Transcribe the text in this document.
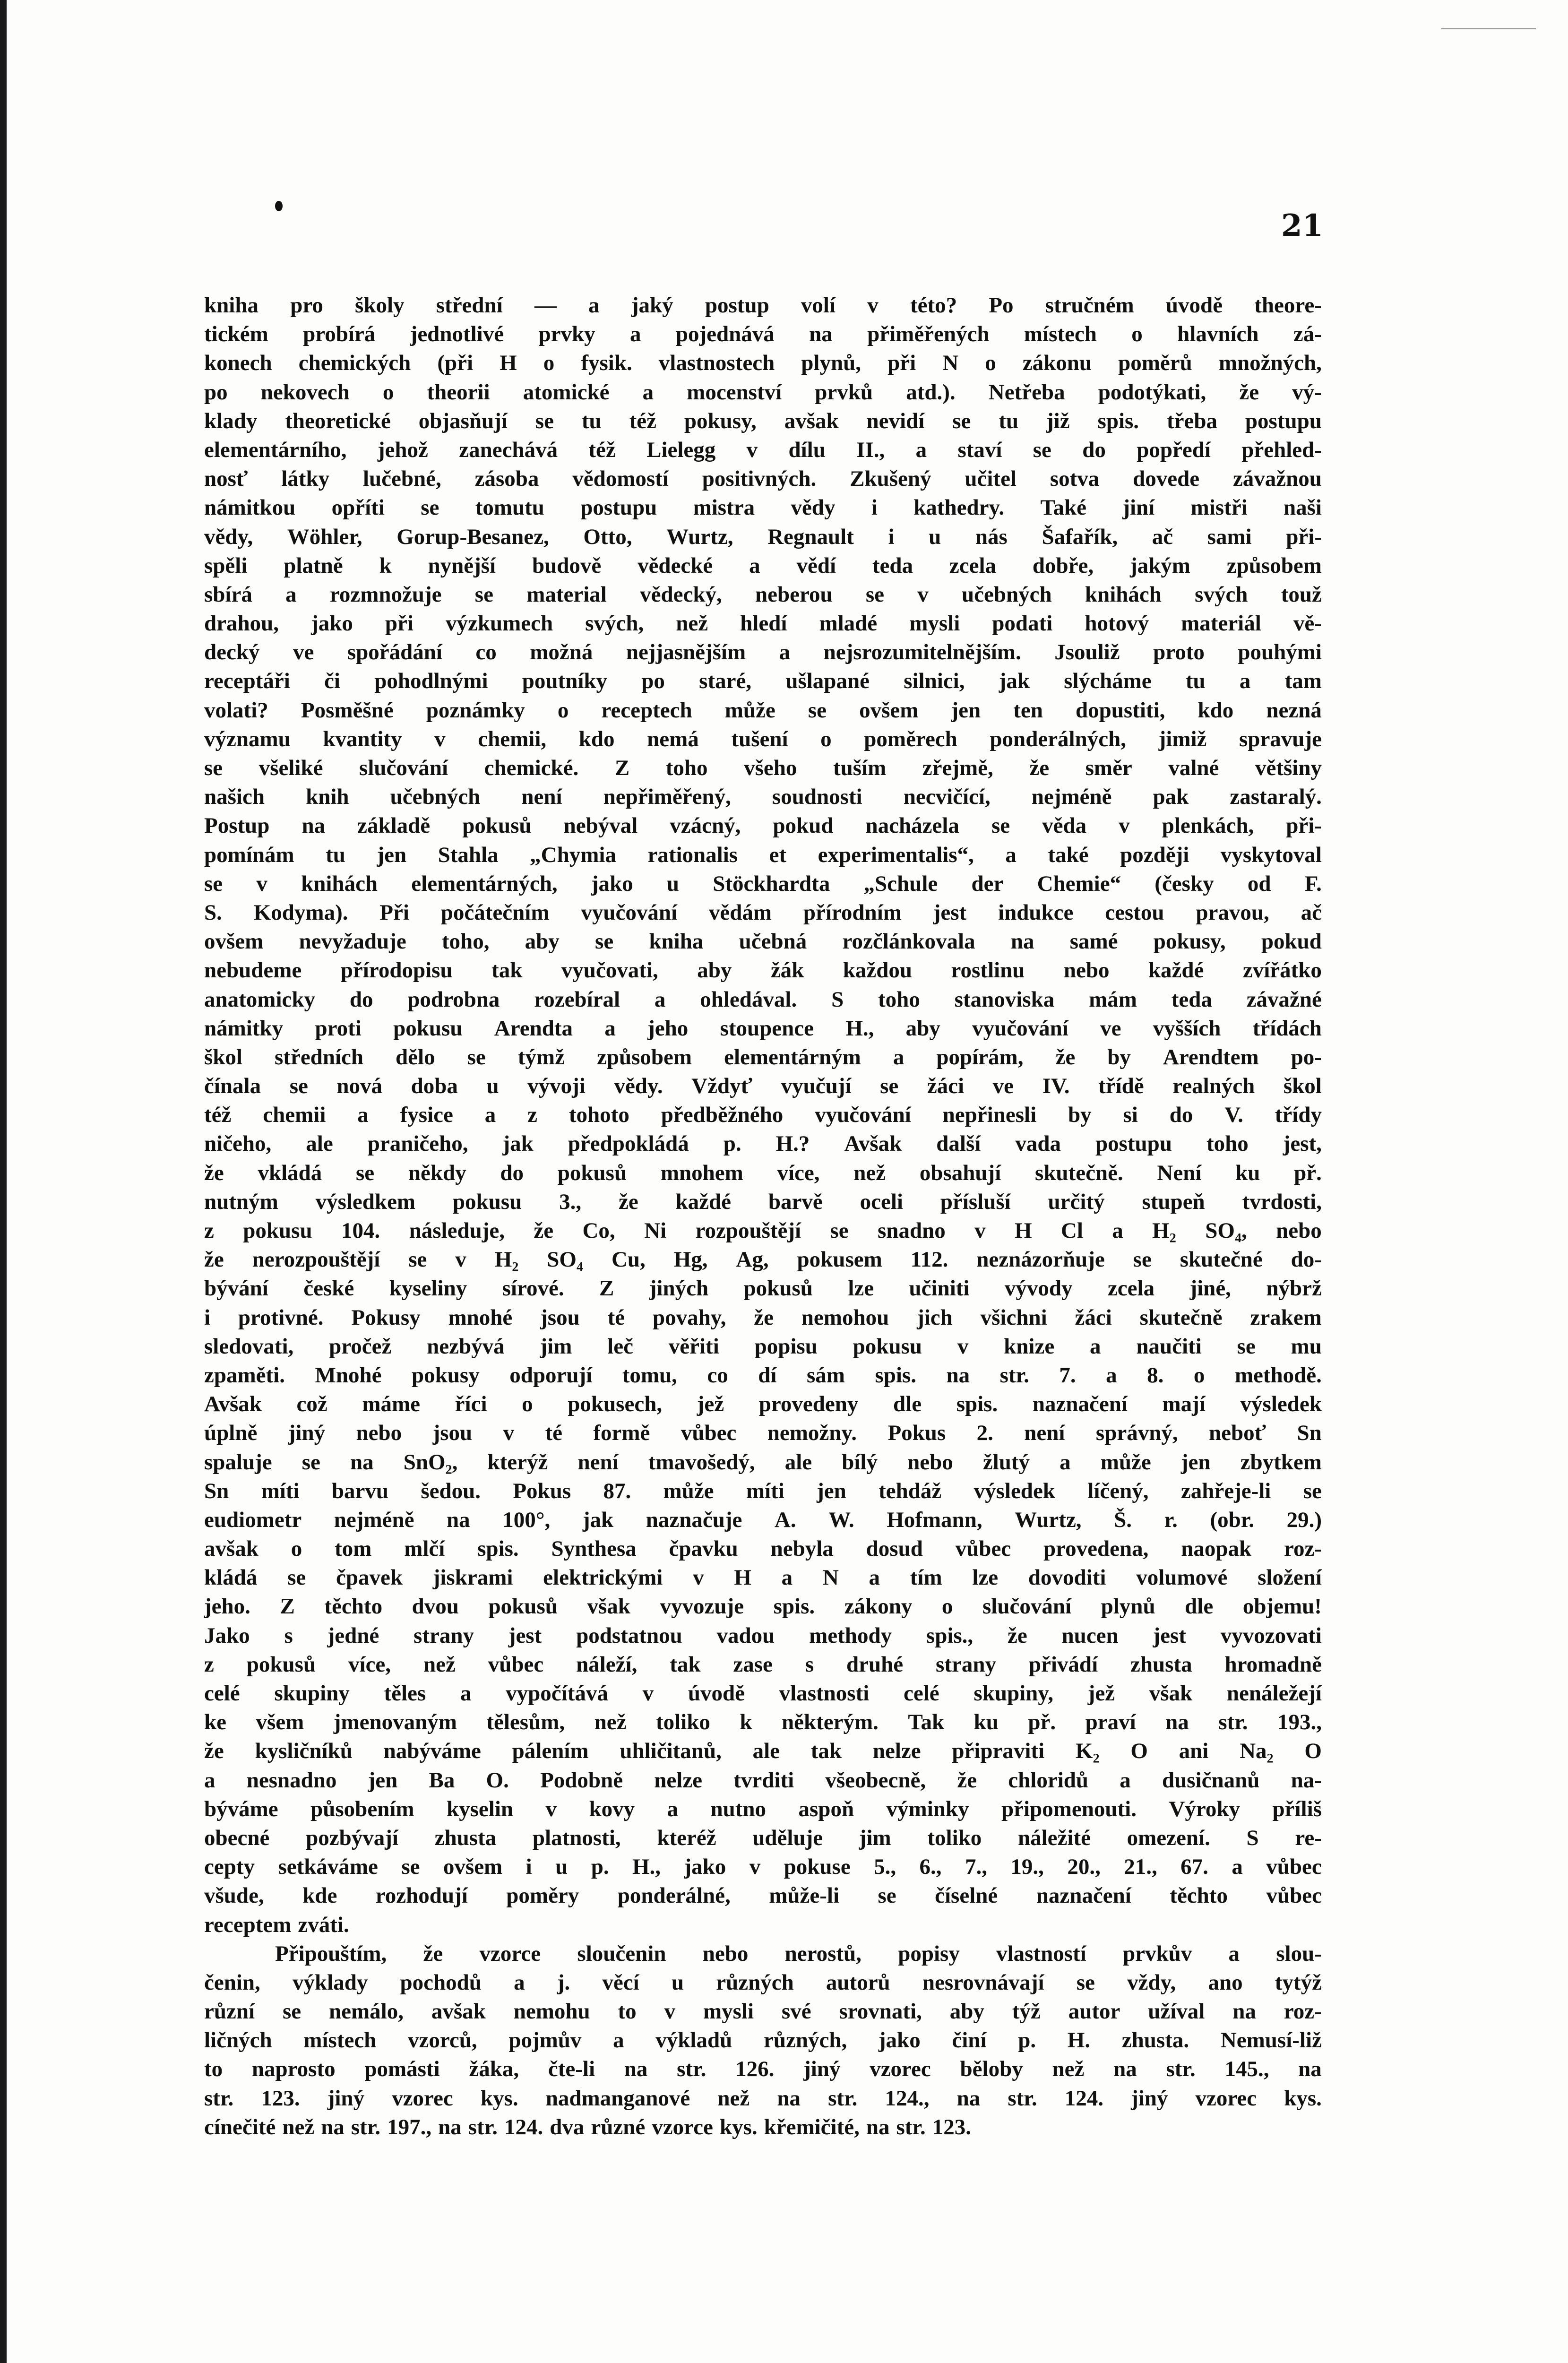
21
kniha pro školy střední — a jaký postup volí v této? Po stručném úvodě theore-
tickém probírá jednotlivé prvky a pojednává na přiměřených místech o hlavních zá-
konech chemických (při H o fysik. vlastnostech plynů, při N o zákonu poměrů množných,
po nekovech o theorii atomické a mocenství prvků atd.). Netřeba podotýkati, že vý-
klady theoretické objasňují se tu též pokusy, avšak nevidí se tu již spis. třeba postupu
elementárního, jehož zanechává též Lielegg v dílu II., a staví se do popředí přehled-
nosť látky lučebné, zásoba vědomostí positivných. Zkušený učitel sotva dovede závažnou
námitkou opříti se tomutu postupu mistra vědy i kathedry. Také jiní mistři naši
vědy, Wöhler, Gorup-Besanez, Otto, Wurtz, Regnault i u nás Šafařík, ač sami při-
spěli platně k nynější budově vědecké a vědí teda zcela dobře, jakým způsobem
sbírá a rozmnožuje se material vědecký, neberou se v učebných knihách svých touž
drahou, jako při výzkumech svých, než hledí mladé mysli podati hotový materiál vě-
decký ve spořádání co možná nejjasnějším a nejsrozumitelnějším. Jsouliž proto pouhými
receptáři či pohodlnými poutníky po staré, ušlapané silnici, jak slýcháme tu a tam
volati? Posměšné poznámky o receptech může se ovšem jen ten dopustiti, kdo nezná
významu kvantity v chemii, kdo nemá tušení o poměrech ponderálných, jimiž spravuje
se všeliké slučování chemické. Z toho všeho tuším zřejmě, že směr valné většiny
našich knih učebných není nepřiměřený, soudnosti necvičící, nejméně pak zastaralý.
Postup na základě pokusů nebýval vzácný, pokud nacházela se věda v plenkách, při-
pomínám tu jen Stahla „Chymia rationalis et experimentalis“, a také později vyskytoval
se v knihách elementárných, jako u Stöckhardta „Schule der Chemie“ (česky od F.
S. Kodyma). Při počátečním vyučování vědám přírodním jest indukce cestou pravou, ač
ovšem nevyžaduje toho, aby se kniha učebná rozčlánkovala na samé pokusy, pokud
nebudeme přírodopisu tak vyučovati, aby žák každou rostlinu nebo každé zvířátko
anatomicky do podrobna rozebíral a ohledával. S toho stanoviska mám teda závažné
námitky proti pokusu Arendta a jeho stoupence H., aby vyučování ve vyšších třídách
škol středních dělo se týmž způsobem elementárným a popírám, že by Arendtem po-
čínala se nová doba u vývoji vědy. Vždyť vyučují se žáci ve IV. třídě realných škol
též chemii a fysice a z tohoto předběžného vyučování nepřinesli by si do V. třídy
ničeho, ale praničeho, jak předpokládá p. H.? Avšak další vada postupu toho jest,
že vkládá se někdy do pokusů mnohem více, než obsahují skutečně. Není ku př.
nutným výsledkem pokusu 3., že každé barvě oceli přísluší určitý stupeň tvrdosti,
z pokusu 104. následuje, že Co, Ni rozpouštějí se snadno v H Cl a H₂ SO₄, nebo
že nerozpouštějí se v H₂ SO₄ Cu, Hg, Ag, pokusem 112. neznázorňuje se skutečné do-
bývání české kyseliny sírové. Z jiných pokusů lze učiniti vývody zcela jiné, nýbrž
i protivné. Pokusy mnohé jsou té povahy, že nemohou jich všichni žáci skutečně zrakem
sledovati, pročež nezbývá jim leč věřiti popisu pokusu v knize a naučiti se mu
zpaměti. Mnohé pokusy odporují tomu, co dí sám spis. na str. 7. a 8. o methodě.
Avšak což máme říci o pokusech, jež provedeny dle spis. naznačení mají výsledek
úplně jiný nebo jsou v té formě vůbec nemožny. Pokus 2. není správný, neboť Sn
spaluje se na SnO₂, kterýž není tmavošedý, ale bílý nebo žlutý a může jen zbytkem
Sn míti barvu šedou. Pokus 87. může míti jen tehdáž výsledek líčený, zahřeje-li se
eudiometr nejméně na 100°, jak naznačuje A. W. Hofmann, Wurtz, Š. r. (obr. 29.)
avšak o tom mlčí spis. Synthesa čpavku nebyla dosud vůbec provedena, naopak roz-
kládá se čpavek jiskrami elektrickými v H a N a tím lze dovoditi volumové složení
jeho. Z těchto dvou pokusů však vyvozuje spis. zákony o slučování plynů dle objemu!
Jako s jedné strany jest podstatnou vadou methody spis., že nucen jest vyvozovati
z pokusů více, než vůbec náleží, tak zase s druhé strany přivádí zhusta hromadně
celé skupiny těles a vypočítává v úvodě vlastnosti celé skupiny, jež však nenáležejí
ke všem jmenovaným tělesům, než toliko k některým. Tak ku př. praví na str. 193.,
že kysličníků nabýváme pálením uhličitanů, ale tak nelze připraviti K₂ O ani Na₂ O
a nesnadno jen Ba O. Podobně nelze tvrditi všeobecně, že chloridů a dusičnanů na-
býváme působením kyselin v kovy a nutno aspoň výminky připomenouti. Výroky příliš
obecné pozbývají zhusta platnosti, kteréž uděluje jim toliko náležité omezení. S re-
cepty setkáváme se ovšem i u p. H., jako v pokuse 5., 6., 7., 19., 20., 21., 67. a vůbec
všude, kde rozhodují poměry ponderálné, může-li se číselné naznačení těchto vůbec
receptem zváti.
Připouštím, že vzorce sloučenin nebo nerostů, popisy vlastností prvkův a slou-
čenin, výklady pochodů a j. věcí u různých autorů nesrovnávají se vždy, ano tytýž
různí se nemálo, avšak nemohu to v mysli své srovnati, aby týž autor užíval na roz-
ličných místech vzorců, pojmův a výkladů různých, jako činí p. H. zhusta. Nemusí-liž
to naprosto pomásti žáka, čte-li na str. 126. jiný vzorec běloby než na str. 145., na
str. 123. jiný vzorec kys. nadmanganové než na str. 124., na str. 124. jiný vzorec kys.
cínečité než na str. 197., na str. 124. dva různé vzorce kys. křemičité, na str. 123.
